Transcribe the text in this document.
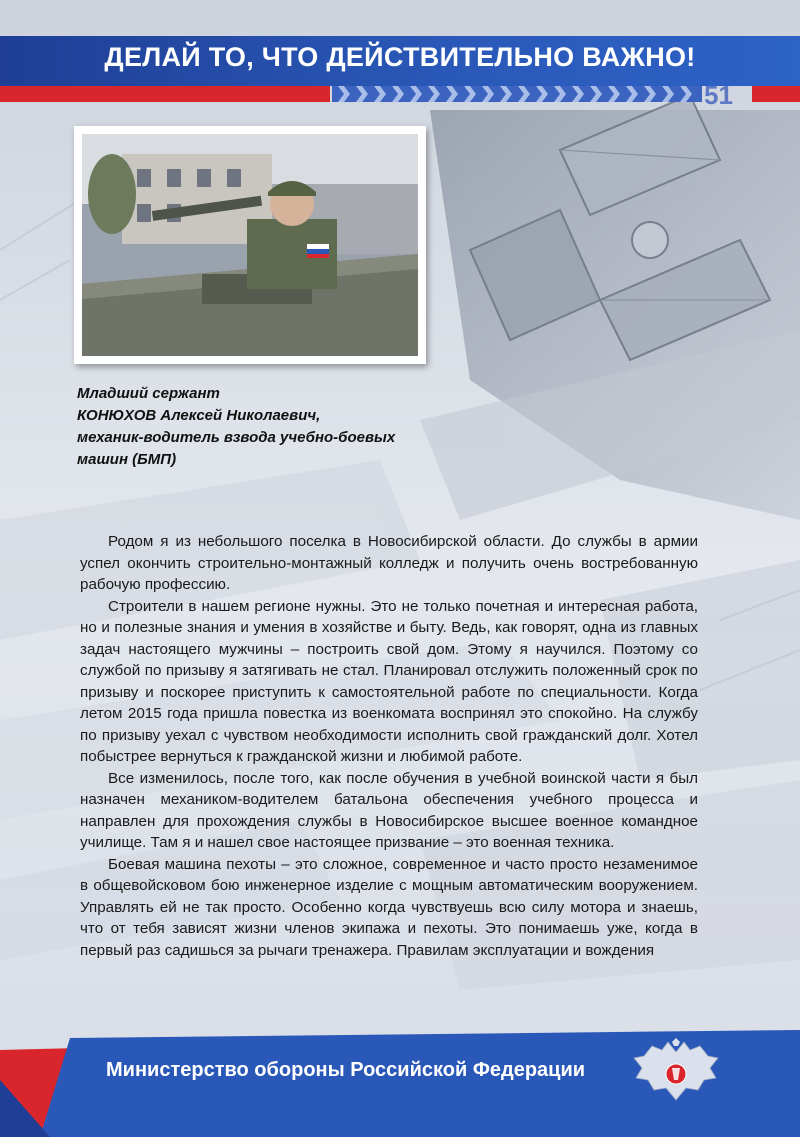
ДЕЛАЙ ТО, ЧТО ДЕЙСТВИТЕЛЬНО ВАЖНО!
51
Младший сержант
КОНЮХОВ Алексей Николаевич,
механик-водитель взвода учебно-боевых
машин (БМП)

Родом я из небольшого поселка в Новосибирской области. До службы в армии успел окончить строительно-монтажный колледж и получить очень востребованную рабочую профессию.

Строители в нашем регионе нужны. Это не только почетная и интересная работа, но и полезные знания и умения в хозяйстве и быту. Ведь, как говорят, одна из главных задач настоящего мужчины – построить свой дом. Этому я научился. Поэтому со службой по призыву я затягивать не стал. Планировал отслужить положенный срок по призыву и поскорее приступить к самостоятельной работе по специальности. Когда летом 2015 года пришла повестка из военкомата воспринял это спокойно. На службу по призыву уехал с чувством необходимости исполнить свой гражданский долг. Хотел побыстрее вернуться к гражданской жизни и любимой работе.

Все изменилось, после того, как после обучения в учебной воинской части я был назначен механиком-водителем батальона обеспечения учебного процесса и направлен для прохождения службы в Новосибирское высшее военное командное училище. Там я и нашел свое настоящее призвание – это военная техника.

Боевая машина пехоты – это сложное, современное и часто просто незаменимое в общевойсковом бою инженерное изделие с мощным автоматическим вооружением. Управлять ей не так просто. Особенно когда чувствуешь всю силу мотора и знаешь, что от тебя зависят жизни членов экипажа и пехоты. Это понимаешь уже, когда в первый раз садишься за рычаги тренажера. Правилам эксплуатации и вождения

Министерство обороны Российской Федерации
